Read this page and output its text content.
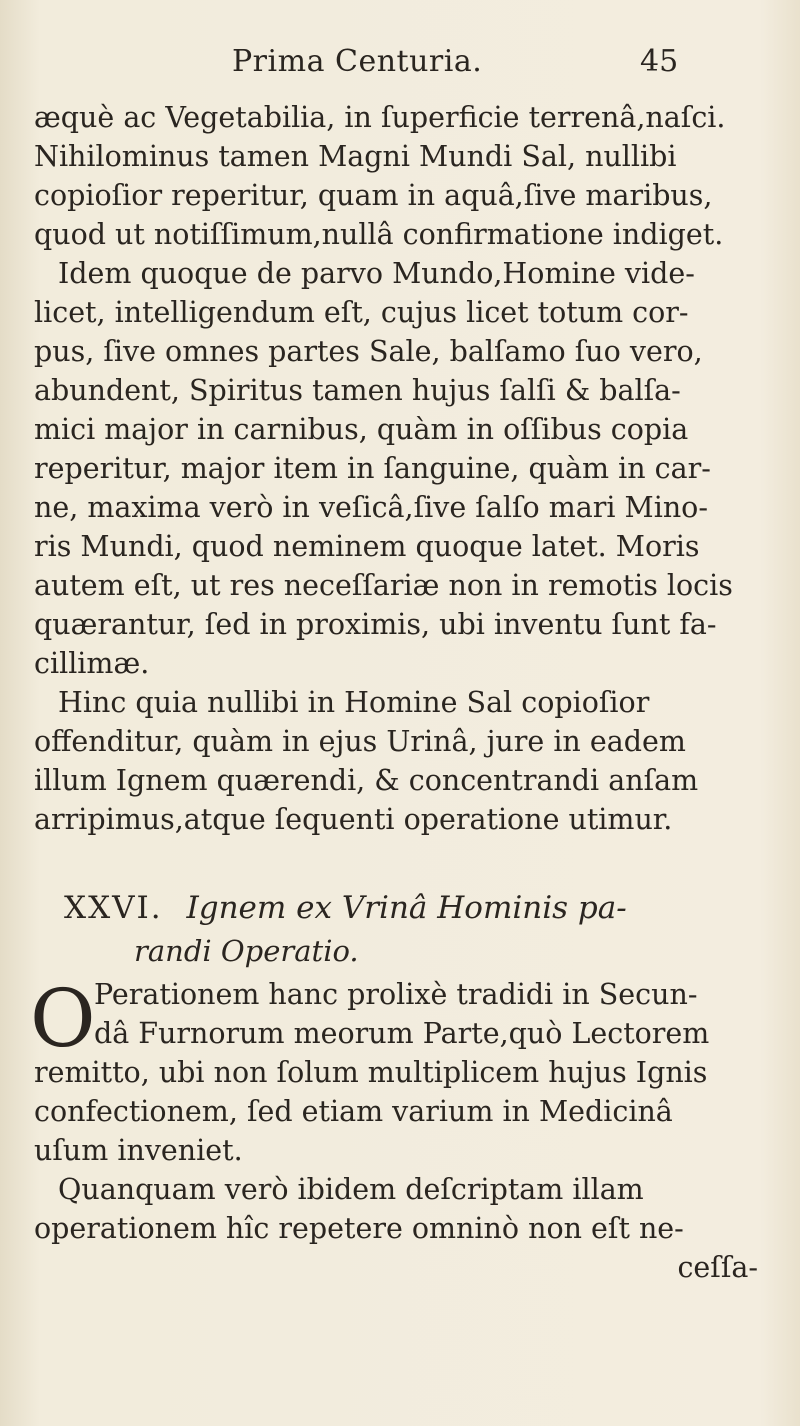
Prima Centuria.	45
æquè ac Vegetabilia, in ſuperficie terrenâ,naſci.
Nihilominus tamen Magni Mundi Sal, nullibi
copioſior reperitur, quam in aquâ,ſive maribus,
quod ut notiſſimum,nullâ confirmatione indiget.
Idem quoque de parvo Mundo,Homine vide-
licet, intelligendum eſt, cujus licet totum cor-
pus, ſive omnes partes Sale, balſamo ſuo vero,
abundent, Spiritus tamen hujus ſalſi & balſa-
mici major in carnibus, quàm in oſſibus copia
reperitur, major item in ſanguine, quàm in car-
ne, maxima verò in veſicâ,ſive ſalſo mari Mino-
ris Mundi, quod neminem quoque latet. Moris
autem eſt, ut res neceſſariæ non in remotis locis
quærantur, ſed in proximis, ubi inventu ſunt fa-
cillimæ.
Hinc quia nullibi in Homine Sal copioſior
offenditur, quàm in ejus Urinâ, jure in eadem
illum Ignem quærendi, & concentrandi anſam
arripimus,atque ſequenti operatione utimur.
XXVI. Ignem ex Vrinâ Hominis pa-
randi Operatio.
O
Perationem hanc prolixè tradidi in Secun-
dâ Furnorum meorum Parte,quò Lectorem
remitto, ubi non ſolum multiplicem hujus Ignis
confectionem, ſed etiam varium in Medicinâ
uſum inveniet.
Quanquam verò ibidem deſcriptam illam
operationem hîc repetere omninò non eſt ne-
ceſſa-
